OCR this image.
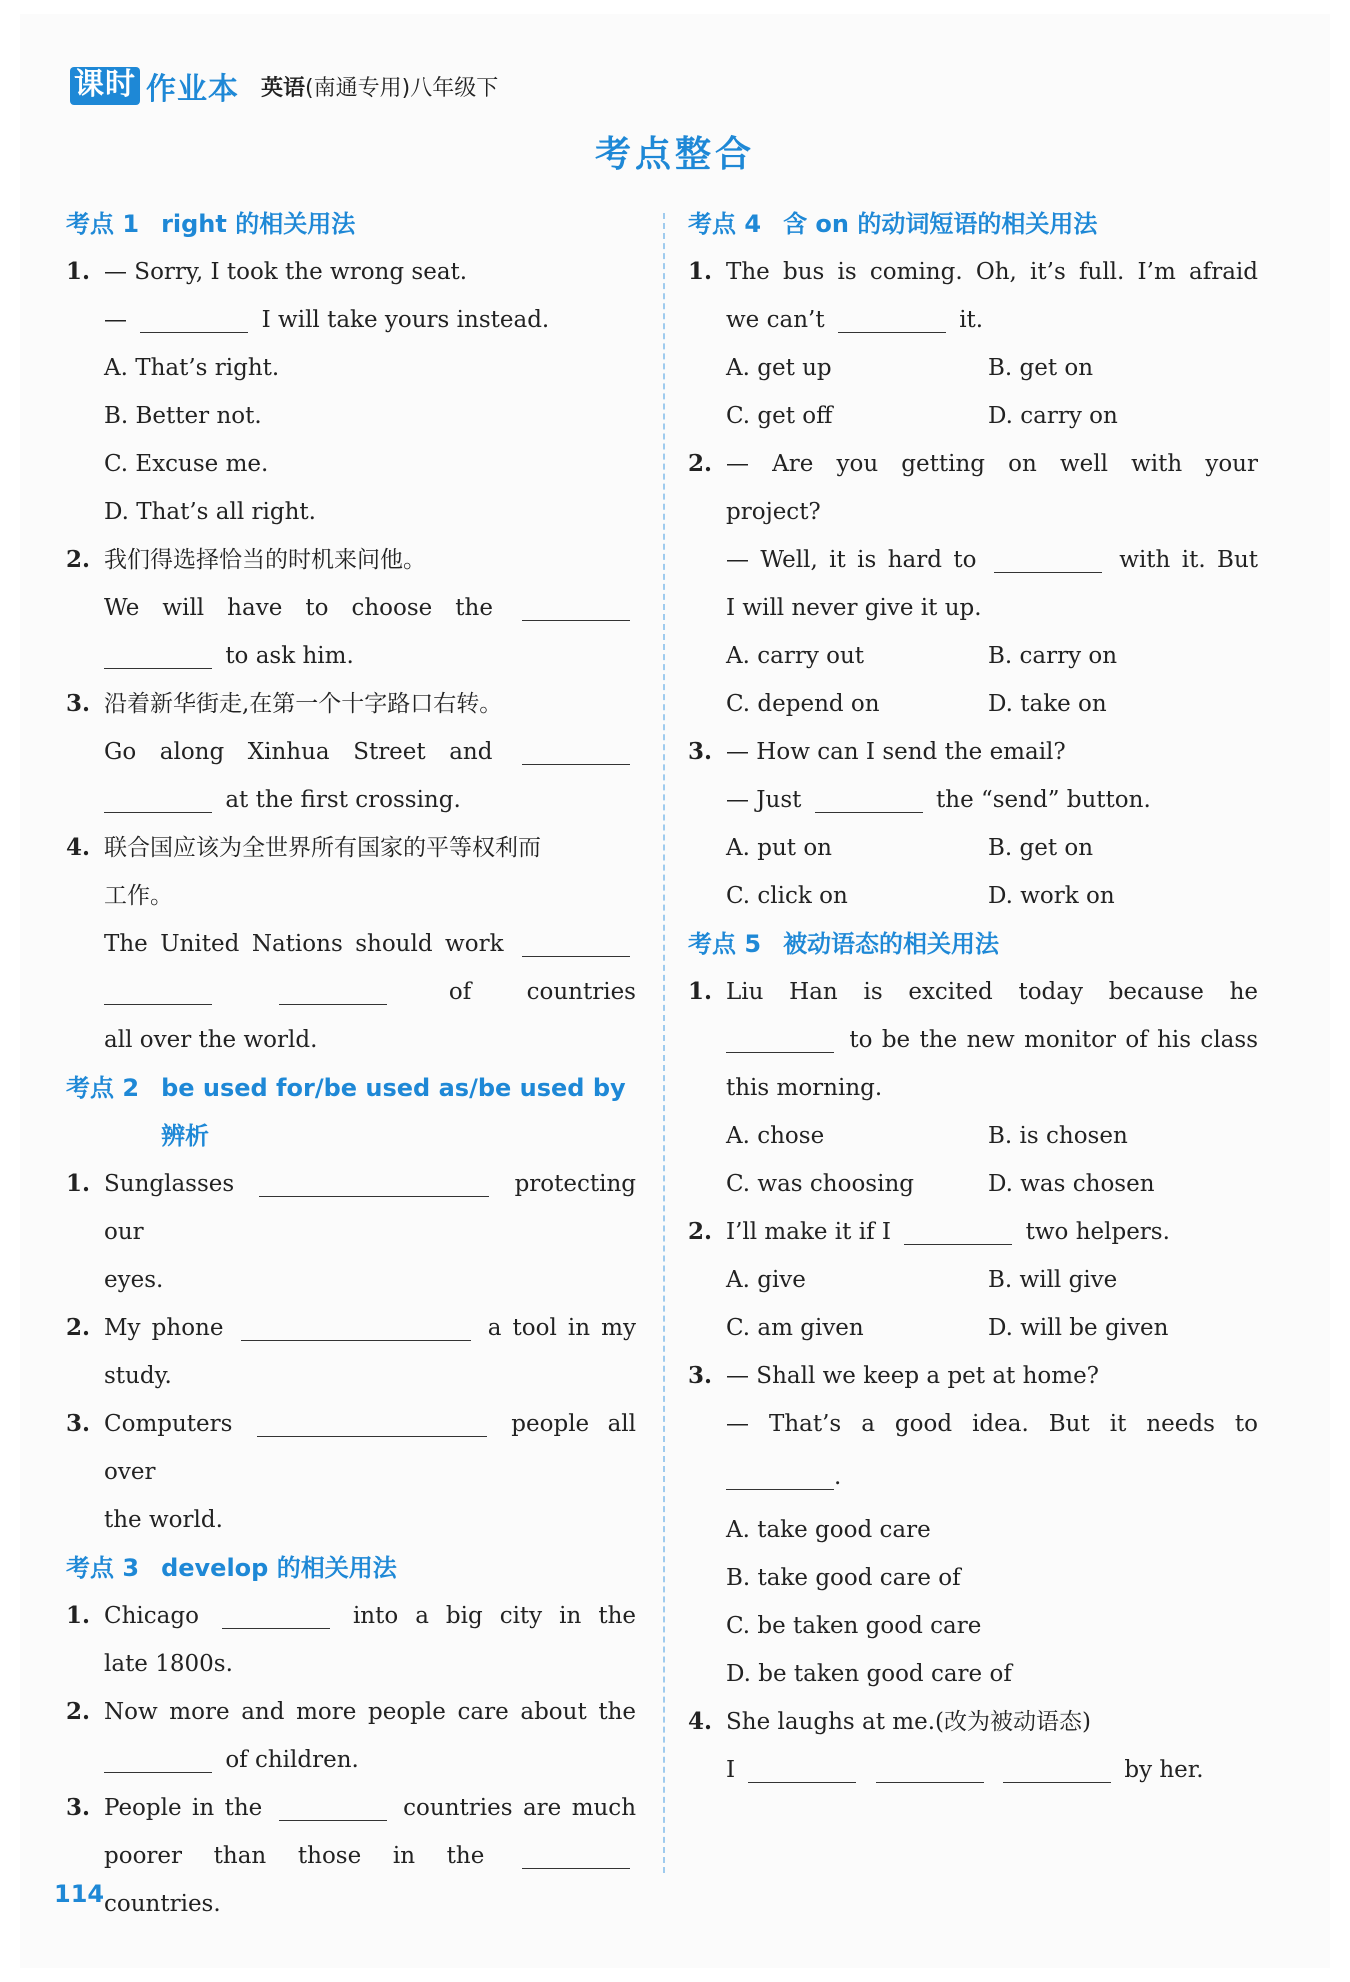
课时 作业本 英语(南通专用)八年级下
考点整合
考点 1 right 的相关用法
1. — Sorry, I took the wrong seat.
—	I will take yours instead.
A. That’s right.
B. Better not.
C. Excuse me.
D. That’s all right.
2. 我们得选择恰当的时机来问他。
We will have to choose the
to ask him.
3. 沿着新华街走,在第一个十字路口右转。
Go along Xinhua Street and
at the first crossing.
4. 联合国应该为全世界所有国家的平等权利而
工作。
The United Nations should work
of countries
all over the world.
考点 2 be used for/be used as/be used by
辨析
1. Sunglasses	protecting our
eyes.
2. My phone	a tool in my
study.
3. Computers	people all over
the world.
考点 3 develop 的相关用法
1. Chicago	into a big city in the
late 1800s.
2. Now more and more people care about the
of children.
3. People in the	countries are much
poorer than those in the
countries.
考点 4 含 on 的动词短语的相关用法
1. The bus is coming. Oh, it’s full. I’m afraid
we can’t	it.
A. get up	B. get on
C. get off	D. carry on
2. — Are you getting on well with your
project?
— Well, it is hard to	with it. But
I will never give it up.
A. carry out	B. carry on
C. depend on	D. take on
3. — How can I send the email?
— Just	the “send” button.
A. put on	B. get on
C. click on	D. work on
考点 5 被动语态的相关用法
1. Liu Han is excited today because he
to be the new monitor of his class
this morning.
A. chose	B. is chosen
C. was choosing	D. was chosen
2. I’ll make it if I	two helpers.
A. give	B. will give
C. am given	D. will be given
3. — Shall we keep a pet at home?
— That’s a good idea. But it needs to
.
A. take good care
B. take good care of
C. be taken good care
D. be taken good care of
4. She laughs at me.(改为被动语态)
I	by her.
114
